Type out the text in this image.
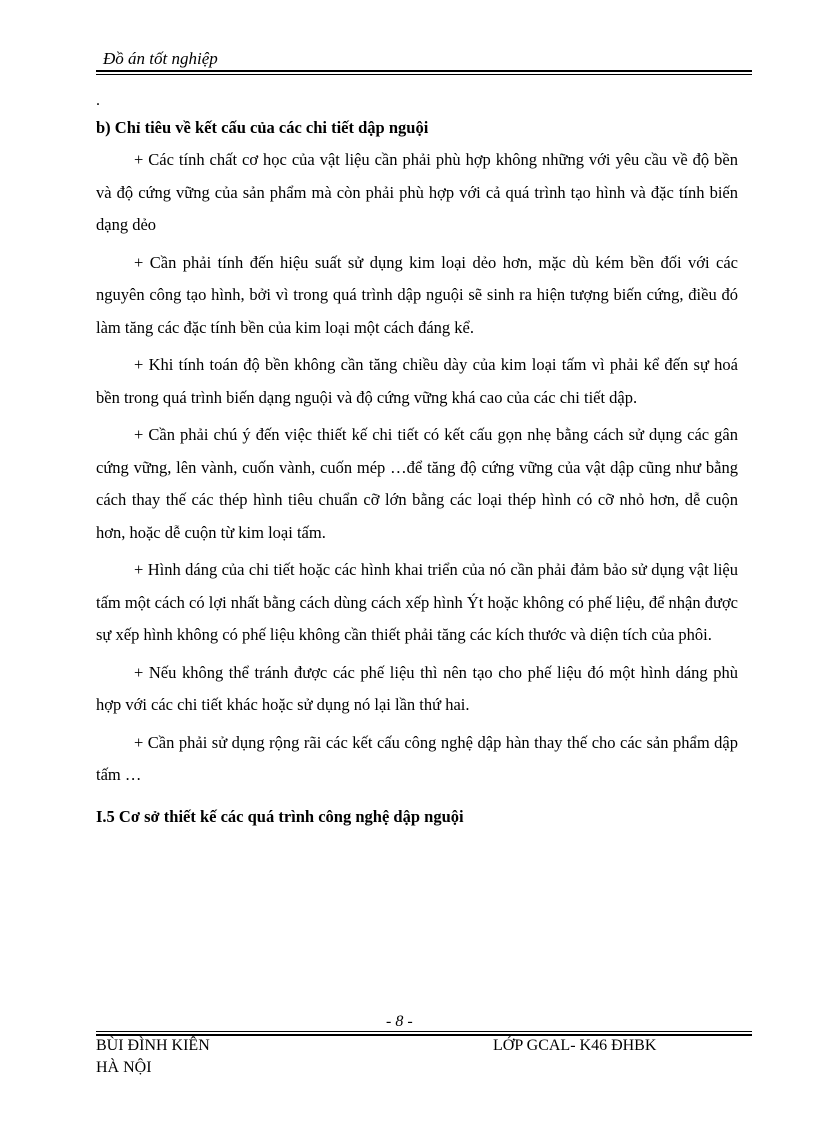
Đồ án tốt nghiệp
.

b) Chỉ tiêu về kết cấu của các chi tiết dập nguội

+ Các tính chất cơ học của vật liệu cần phải phù hợp không những với yêu cầu về độ bền và độ cứng vững của sản phẩm mà còn phải phù hợp với cả quá trình tạo hình và đặc tính biến dạng dẻo

+ Cần phải tính đến hiệu suất sử dụng kim loại dẻo hơn, mặc dù kém bền đối với các nguyên công tạo hình, bởi vì trong quá trình dập nguội sẽ sinh ra hiện tượng biến cứng, điều đó làm tăng các đặc tính bền của kim loại một cách đáng kể.

+ Khi tính toán độ bền không cần tăng chiều dày của kim loại tấm vì phải kể đến sự hoá bền trong quá trình biến dạng nguội và độ cứng vững khá cao của các chi tiết dập.

+ Cần phải chú ý đến việc thiết kế chi tiết có kết cấu gọn nhẹ bằng cách sử dụng các gân cứng vững, lên vành, cuốn vành, cuốn mép …để tăng độ cứng vững của vật dập cũng như bằng cách thay thế các thép hình tiêu chuẩn cỡ lớn bằng các loại thép hình có cỡ nhỏ hơn, dễ cuộn hơn, hoặc dễ cuộn từ kim loại tấm.

+ Hình dáng của chi tiết hoặc các hình khai triển của nó cần phải đảm bảo sử dụng vật liệu tấm một cách có lợi nhất bằng cách dùng cách xếp hình Ýt hoặc không có phế liệu, để nhận được sự xếp hình không có phế liệu không cần thiết phải tăng các kích thước và diện tích của phôi.

+ Nếu không thể tránh được các phế liệu thì nên tạo cho phế liệu đó một hình dáng phù hợp với các chi tiết khác hoặc sử dụng nó lại lần thứ hai.

+ Cần phải sử dụng rộng rãi các kết cấu công nghệ dập hàn thay thế cho các sản phẩm dập tấm …

I.5 Cơ sở thiết kế các quá trình công nghệ dập nguội

- 8 -
BÙI ĐÌNH KIÊN
HÀ NỘI
LỚP GCAL- K46 ĐHBK
